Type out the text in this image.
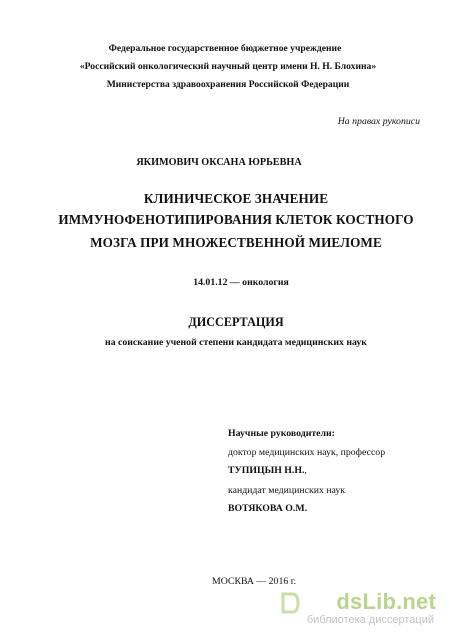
Федеральное государственное бюджетное учреждение
«Российский онкологический научный центр имени Н. Н. Блохина»
Министерства здравоохранения Российской Федерации
На правах рукописи
ЯКИМОВИЧ ОКСАНА ЮРЬЕВНА
КЛИНИЧЕСКОЕ ЗНАЧЕНИЕ
ИММУНОФЕНОТИПИРОВАНИЯ КЛЕТОК КОСТНОГО
МОЗГА ПРИ МНОЖЕСТВЕННОЙ МИЕЛОМЕ
14.01.12 — онкология
ДИССЕРТАЦИЯ
на соискание ученой степени кандидата медицинских наук
Научные руководители:
доктор медицинских наук, профессор
ТУПИЦЫН Н.Н.,
кандидат медицинских наук
ВОТЯКОВА О.М.
МОСКВА — 2016 г.
dsLib.net
библиотека диссертаций
